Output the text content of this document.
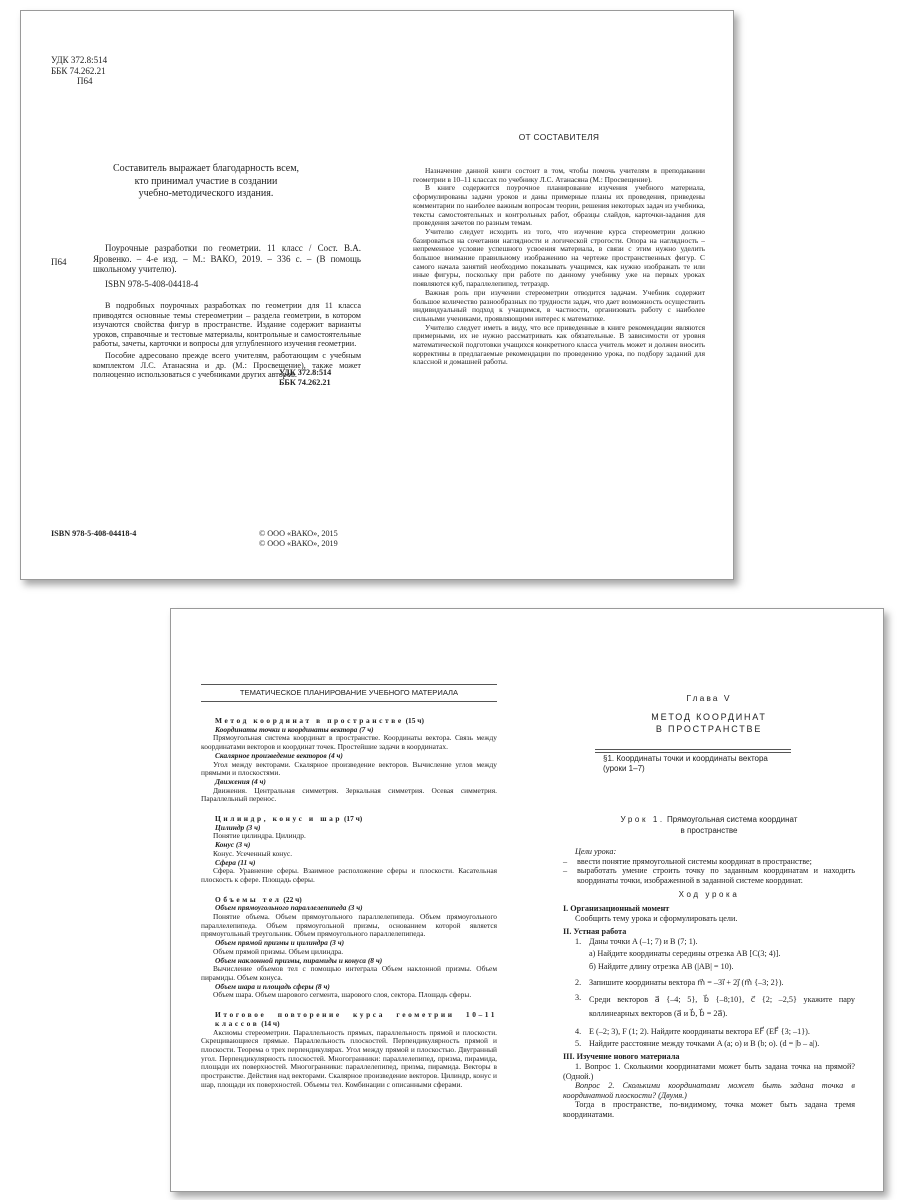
УДК 372.8:514
ББК 74.262.21
П64
Составитель выражает благодарность всем,
кто принимал участие в создании
учебно-методического издания.
П64

Поурочные разработки по геометрии. 11 класс / Сост. В.А. Яровенко. – 4-е изд. – М.: ВАКО, 2019. – 336 с. – (В помощь школьному учителю).

ISBN 978-5-408-04418-4

В подробных поурочных разработках по геометрии для 11 класса приводятся основные темы стереометрии – раздела геометрии, в котором изучаются свойства фигур в пространстве. Издание содержит варианты уроков, справочные и тестовые материалы, контрольные и самостоятельные работы, зачеты, карточки и вопросы для углубленного изучения геометрии.

Пособие адресовано прежде всего учителям, работающим с учебным комплектом Л.С. Атанасяна и др. (М.: Просвещение), также может полноценно использоваться с учебниками других авторов.

УДК 372.8:514
ББК 74.262.21
ISBN 978-5-408-04418-4	© ООО «ВАКО», 2015
© ООО «ВАКО», 2019
ОТ СОСТАВИТЕЛЯ

Назначение данной книги состоит в том, чтобы помочь учителям в преподавании геометрии в 10–11 классах по учебнику Л.С. Атанасяна (М.: Просвещение).

В книге содержится поурочное планирование изучения учебного материала, сформулированы задачи уроков и даны примерные планы их проведения, приведены комментарии по наиболее важным вопросам теории, решения некоторых задач из учебника, тексты самостоятельных и контрольных работ, образцы слайдов, карточки-задания для проведения зачетов по разным темам.

Учителю следует исходить из того, что изучение курса стереометрии должно базироваться на сочетании наглядности и логической строгости. Опора на наглядность – непременное условие успешного усвоения материала, в связи с этим нужно уделить большое внимание правильному изображению на чертеже пространственных фигур. С самого начала занятий необходимо показывать учащимся, как нужно изображать те или иные фигуры, поскольку при работе по данному учебнику уже на первых уроках появляются куб, параллелепипед, тетраэдр.

Важная роль при изучении стереометрии отводится задачам. Учебник содержит большое количество разнообразных по трудности задач, что дает возможность осуществить индивидуальный подход к учащимся, в частности, организовать работу с наиболее сильными учениками, проявляющими интерес к математике.

Учителю следует иметь в виду, что все приведенные в книге рекомендации являются примерными, их не нужно рассматривать как обязательные. В зависимости от уровня математической подготовки учащихся конкретного класса учитель может и должен вносить коррективы в предлагаемые рекомендации по проведению урока, по подбору заданий для классной и домашней работы.

ТЕМАТИЧЕСКОЕ ПЛАНИРОВАНИЕ УЧЕБНОГО МАТЕРИАЛА
Метод координат в пространстве (15 ч)
Координаты точки и координаты вектора (7 ч)

Прямоугольная система координат в пространстве. Координаты вектора. Связь между координатами векторов и координат точек. Простейшие задачи в координатах.

Скалярное произведение векторов (4 ч)

Угол между векторами. Скалярное произведение векторов. Вычисление углов между прямыми и плоскостями.

Движения (4 ч)

Движения. Центральная симметрия. Зеркальная симметрия. Осевая симметрия. Параллельный перенос.

Цилиндр, конус и шар (17 ч)
Цилиндр (3 ч)

Понятие цилиндра. Цилиндр.

Конус (3 ч)

Конус. Усеченный конус.

Сфера (11 ч)

Сфера. Уравнение сферы. Взаимное расположение сферы и плоскости. Касательная плоскость к сфере. Площадь сферы.

Объемы тел (22 ч)
Объем прямоугольного параллелепипеда (3 ч)

Понятие объема. Объем прямоугольного параллелепипеда. Объем прямоугольного параллелепипеда. Объем прямоугольной призмы, основанием которой является прямоугольный треугольник. Объем прямоугольного параллелепипеда.

Объем прямой призмы и цилиндра (3 ч)

Объем прямой призмы. Объем цилиндра.

Объем наклонной призмы, пирамиды и конуса (8 ч)

Вычисление объемов тел с помощью интеграла Объем наклонной призмы. Объем пирамиды. Объем конуса.

Объем шара и площадь сферы (8 ч)

Объем шара. Объем шарового сегмента, шарового слоя, сектора. Площадь сферы.

Итоговое повторение курса геометрии 10–11 классов (14 ч)

Аксиомы стереометрии. Параллельность прямых, параллельность прямой и плоскости. Скрещивающиеся прямые. Параллельность плоскостей. Перпендикулярность прямой и плоскости. Теорема о трех перпендикулярах. Угол между прямой и плоскостью. Двугранный угол. Перпендикулярность плоскостей. Многогранники: параллелепипед, призма, пирамида, площади их поверхностей. Многогранники: параллелепипед, призма, пирамида. Векторы в пространстве. Действия над векторами. Скалярное произведение векторов. Цилиндр, конус и шар, площади их поверхностей. Объемы тел. Комбинации с описанными сферами.

Глава V
МЕТОД КООРДИНАТ
В ПРОСТРАНСТВЕ
§1. Координаты точки и координаты вектора
(уроки 1–7)
Урок 1. Прямоугольная система координат
в пространстве
Цели урока:
– ввести понятие прямоугольной системы координат в пространстве;
– выработать умение строить точку по заданным координатам и находить координаты точки, изображенной в заданной системе координат.
Ход урока
I. Организационный момент

Сообщить тему урока и сформулировать цели.

II. Устная работа
1. Даны точки A (–1; 7) и B (7; 1).
а) Найдите координаты середины отрезка AB [C(3; 4)].
б) Найдите длину отрезка AB (|AB| = 10).
2. Запишите координаты вектора m⃗ = –3i⃗ + 2j⃗ (m⃗ {–3; 2}).
3. Среди векторов a⃗ {–4; 5}, b⃗ {–8;10}, c⃗ {2; –2,5} укажите пару коллинеарных векторов (a⃗ и b⃗, b⃗ = 2a⃗).
4. E (–2; 3), F (1; 2). Найдите координаты вектора EF⃗ (EF⃗ {3; –1}).
5. Найдите расстояние между точками A (a; o) и B (b; o). (d = |b – a|).
III. Изучение нового материала

1. Вопрос 1. Сколькими координатами может быть задана точка на прямой? (Одной.)

Вопрос 2. Сколькими координатами может быть задана точка в координатной плоскости? (Двумя.)

Тогда в пространстве, по-видимому, точка может быть задана тремя координатами.
